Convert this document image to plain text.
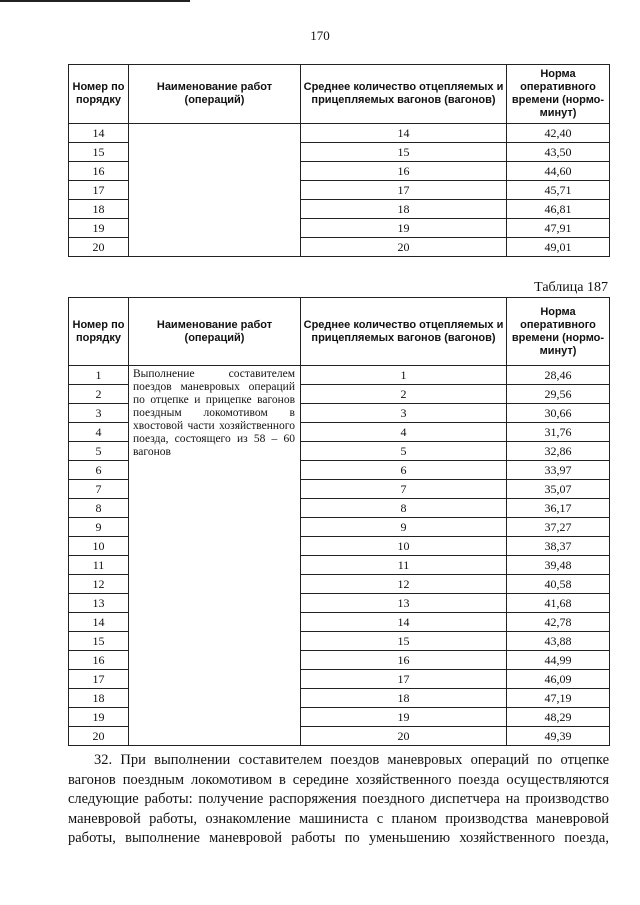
170
Номер по порядку	Наименование работ (операций)	Среднее количество отцепляемых и прицепляемых вагонов (вагонов)	Норма оперативного времени (нормо-минут)
14		14	42,40
15		15	43,50
16		16	44,60
17		17	45,71
18		18	46,81
19		19	47,91
20		20	49,01
Таблица 187
Номер по порядку	Наименование работ (операций)	Среднее количество отцепляемых и прицепляемых вагонов (вагонов)	Норма оперативного времени (нормо-минут)
1	Выполнение составителем поездов маневровых операций по отцепке и прицепке вагонов поездным локомотивом в хвостовой части хозяйственного поезда, состоящего из 58 – 60 вагонов	1	28,46
2		2	29,56
3		3	30,66
4		4	31,76
5		5	32,86
6		6	33,97
7		7	35,07
8		8	36,17
9		9	37,27
10		10	38,37
11		11	39,48
12		12	40,58
13		13	41,68
14		14	42,78
15		15	43,88
16		16	44,99
17		17	46,09
18		18	47,19
19		19	48,29
20		20	49,39

32. При выполнении составителем поездов маневровых операций по отцепке вагонов поездным локомотивом в середине хозяйственного поезда осуществляются следующие работы: получение распоряжения поездного диспетчера на производство маневровой работы, ознакомление машиниста с планом производства маневровой работы, выполнение маневровой работы по уменьшению хозяйственного поезда,
